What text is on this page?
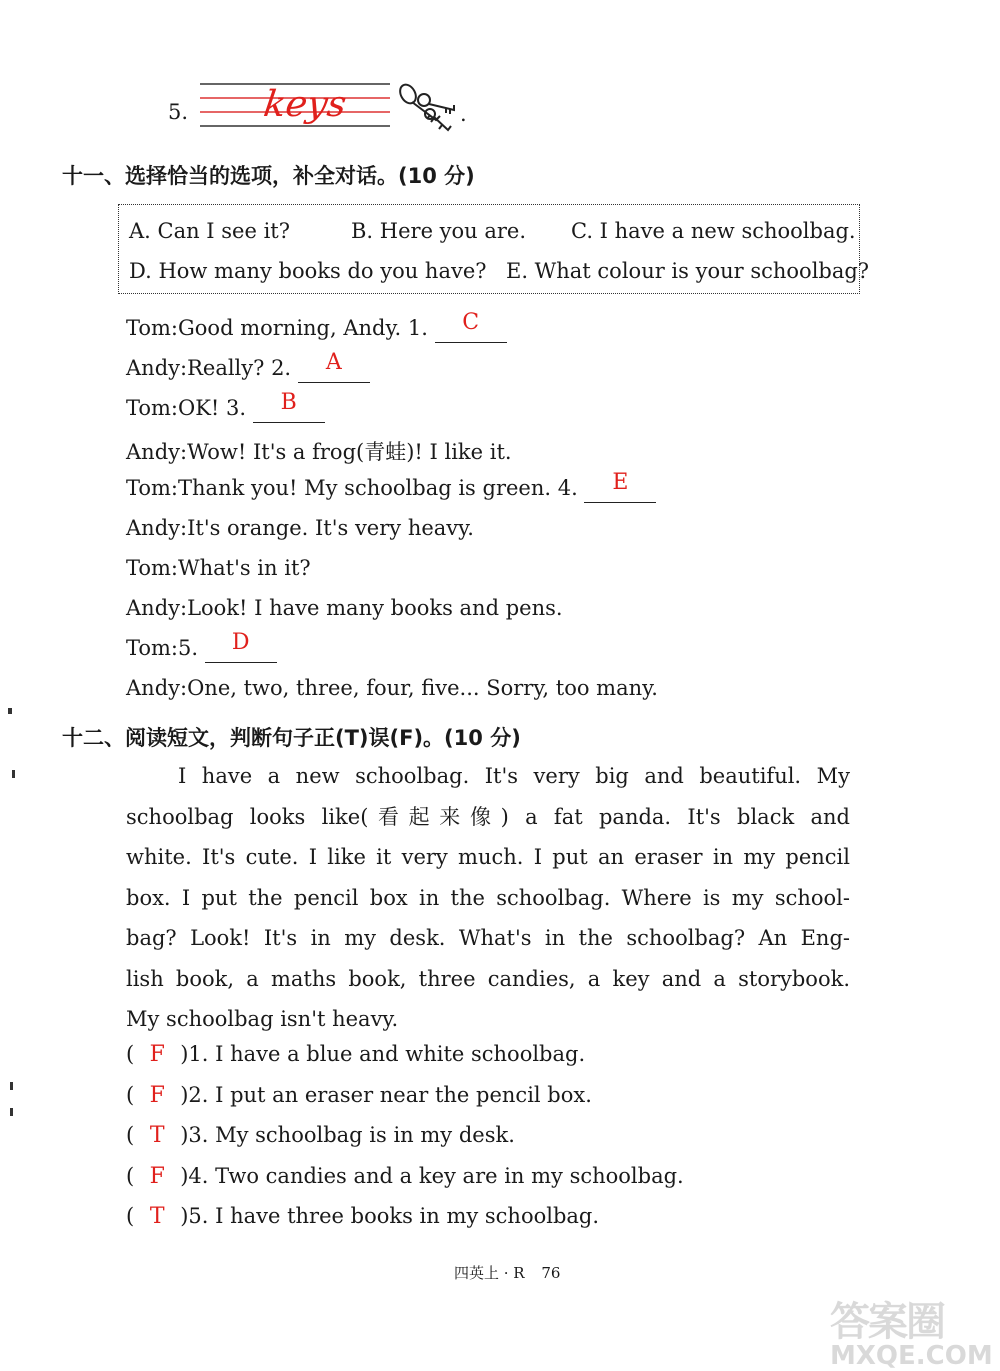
5. keys	.
十一、选择恰当的选项，补全对话。(10 分)
A. Can I see it?	B. Here you are. C. I have a new schoolbag.
D. How many books do you have? E. What colour is your schoolbag?
Tom:Good morning, Andy. 1. C
Andy:Really? 2. A
Tom:OK! 3. B
Andy:Wow! It's a frog(青蛙)! I like it.
Tom:Thank you! My schoolbag is green. 4. E
Andy:It's orange. It's very heavy.
Tom:What's in it?
Andy:Look! I have many books and pens.
Tom:5. D
Andy:One, two, three, four, five... Sorry, too many.
十二、阅读短文，判断句子正(T)误(F)。(10 分)

I have a new schoolbag. It's very big and beautiful. My

schoolbag looks like(看起来像) a fat panda. It's black and

white. It's cute. I like it very much. I put an eraser in my pencil

box. I put the pencil box in the schoolbag. Where is my school-

bag? Look! It's in my desk. What's in the schoolbag? An Eng-

lish book, a maths book, three candies, a key and a storybook.

My schoolbag isn't heavy.

( F )1. I have a blue and white schoolbag.
( F )2. I put an eraser near the pencil box.
( T )3. My schoolbag is in my desk.
( F )4. Two candies and a key are in my schoolbag.
( T )5. I have three books in my schoolbag.
四英上 · R 76
答案圈
MXQE.COM
